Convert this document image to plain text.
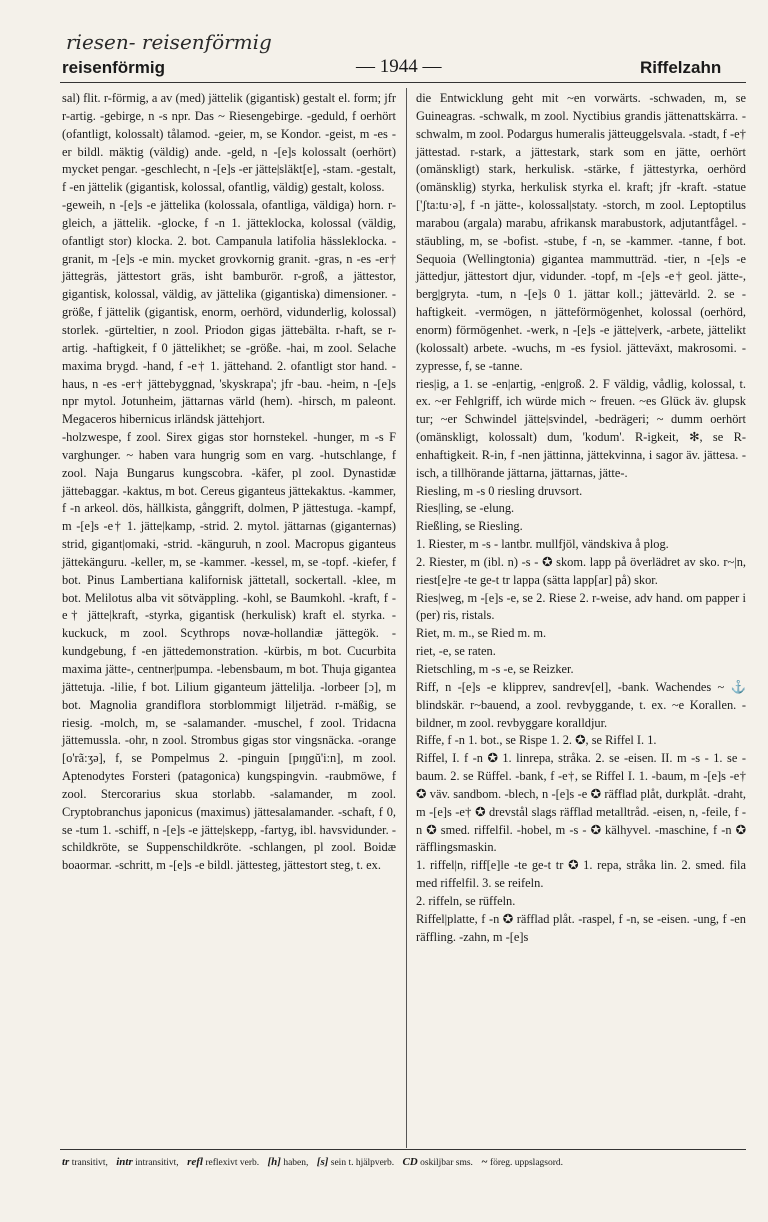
riesen- reisenförmig
reisenförmig	— 1944 —	Riffelzahn

sal) flit. r-förmig, a av (med) jättelik (gigantisk) gestalt el. form; jfr r-artig. -gebirge, n -s npr. Das ~ Riesengebirge. -geduld, f oerhört (ofantligt, kolossalt) tålamod. -geier, m, se Kondor. -geist, m -es -er bildl. mäktig (väldig) ande. -geld, n -[e]s kolossalt (oerhört) mycket pengar. -geschlecht, n -[e]s -er jätte|släkt[e], -stam. -gestalt, f -en jättelik (gigantisk, kolossal, ofantlig, väldig) gestalt, koloss.

-geweih, n -[e]s -e jättelika (kolossala, ofantliga, väldiga) horn. r-gleich, a jättelik. -glocke, f -n 1. jätteklocka, kolossal (väldig, ofantligt stor) klocka. 2. bot. Campanula latifolia hässleklocka. -granit, m -[e]s -e min. mycket grovkornig granit. -gras, n -es -er† jättegräs, jättestort gräs, isht bamburör. r-groß, a jättestor, gigantisk, kolossal, väldig, av jättelika (gigantiska) dimensioner. -größe, f jättelik (gigantisk, enorm, oerhörd, vidunderlig, kolossal) storlek. -gürteltier, n zool. Priodon gigas jättebälta. r-haft, se r-artig. -haftigkeit, f 0 jättelikhet; se -größe. -hai, m zool. Selache maxima brygd. -hand, f -e† 1. jättehand. 2. ofantligt stor hand. -haus, n -es -er† jättebyggnad, 'skyskrapa'; jfr -bau. -heim, n -[e]s npr mytol. Jotunheim, jättarnas värld (hem). -hirsch, m paleont. Megaceros hibernicus irländsk jättehjort.

-holzwespe, f zool. Sirex gigas stor hornstekel. -hunger, m -s F varghunger. ~ haben vara hungrig som en varg. -hutschlange, f zool. Naja Bungarus kungscobra. -käfer, pl zool. Dynastidæ jättebaggar. -kaktus, m bot. Cereus giganteus jättekaktus. -kammer, f -n arkeol. dös, hällkista, gånggrift, dolmen, P jättestuga. -kampf, m -[e]s -e† 1. jätte|kamp, -strid. 2. mytol. jättarnas (giganternas) strid, gigant|omaki, -strid. -känguruh, n zool. Macropus giganteus jättekänguru. -keller, m, se -kammer. -kessel, m, se -topf. -kiefer, f bot. Pinus Lambertiana kalifornisk jättetall, sockertall. -klee, m bot. Melilotus alba vit sötväppling. -kohl, se Baumkohl. -kraft, f -e† jätte|kraft, -styrka, gigantisk (herkulisk) kraft el. styrka. -kuckuck, m zool. Scythrops novæ-hollandiæ jättegök. -kundgebung, f -en jättedemonstration. -kürbis, m bot. Cucurbita maxima jätte-, centner|pumpa. -lebensbaum, m bot. Thuja gigantea jättetuja. -lilie, f bot. Lilium giganteum jättelilja. -lorbeer [ɔ], m bot. Magnolia grandiflora storblommigt liljeträd. r-mäßig, se riesig. -molch, m, se -salamander. -muschel, f zool. Tridacna jättemussla. -ohr, n zool. Strombus gigas stor vingsnäcka. -orange [o'rã:ʒə], f, se Pompelmus 2. -pinguin [pɪŋgŭ'i:n], m zool. Aptenodytes Forsteri (patagonica) kungspingvin. -raubmöwe, f zool. Stercorarius skua storlabb. -salamander, m zool. Cryptobranchus japonicus (maximus) jättesalamander. -schaft, f 0, se -tum 1. -schiff, n -[e]s -e jätte|skepp, -fartyg, ibl. havsvidunder. -schildkröte, se Suppenschildkröte. -schlangen, pl zool. Boidæ boaormar. -schritt, m -[e]s -e bildl. jättesteg, jättestort steg, t. ex.

die Entwicklung geht mit ~en vorwärts. -schwaden, m, se Guineagras. -schwalk, m zool. Nyctibius grandis jättenattskärra. -schwalm, m zool. Podargus humeralis jätteuggelsvala. -stadt, f -e† jättestad. r-stark, a jättestark, stark som en jätte, oerhört (omänskligt) stark, herkulisk. -stärke, f jättestyrka, oerhörd (omänsklig) styrka, herkulisk styrka el. kraft; jfr -kraft. -statue ['ʃta:tu·ə], f -n jätte-, kolossal|staty. -storch, m zool. Leptoptilus marabou (argala) marabu, afrikansk marabustork, adjutantfågel. -stäubling, m, se -bofist. -stube, f -n, se -kammer. -tanne, f bot. Sequoia (Wellingtonia) gigantea mammutträd. -tier, n -[e]s -e jättedjur, jättestort djur, vidunder. -topf, m -[e]s -e† geol. jätte-, berg|gryta. -tum, n -[e]s 0 1. jättar koll.; jättevärld. 2. se -haftigkeit. -vermögen, n jätteförmögenhet, kolossal (oerhörd, enorm) förmögenhet. -werk, n -[e]s -e jätte|verk, -arbete, jättelikt (kolossalt) arbete. -wuchs, m -es fysiol. jätteväxt, makrosomi. -zypresse, f, se -tanne.

ries|ig, a 1. se -en|artig, -en|groß. 2. F väldig, vådlig, kolossal, t. ex. ~er Fehlgriff, ich würde mich ~ freuen. ~es Glück äv. glupsk tur; ~er Schwindel jätte|svindel, -bedrägeri; ~ dumm oerhört (omänskligt, kolossalt) dum, 'kodum'. R-igkeit, ✻, se R-enhaftigkeit. R-in, f -nen jättinna, jättekvinna, i sagor äv. jättesa. -isch, a tillhörande jättarna, jättarnas, jätte-.

Riesling, m -s 0 riesling druvsort.

Ries|ling, se -elung.

Rießling, se Riesling.

1. Riester, m -s - lantbr. mullfjöl, vändskiva å plog.

2. Riester, m (ibl. n) -s - ✪ skom. lapp på överlädret av sko. r~|n, riest[e]re -te ge-t tr lappa (sätta lapp[ar] på) skor.

Ries|weg, m -[e]s -e, se 2. Riese 2. r-weise, adv hand. om papper i (per) ris, ristals.

Riet, m. m., se Ried m. m.

riet, -e, se raten.

Rietschling, m -s -e, se Reizker.

Riff, n -[e]s -e klipprev, sandrev[el], -bank. Wachendes ~ ⚓ blindskär. r~bauend, a zool. revbyggande, t. ex. ~e Korallen. -bildner, m zool. revbyggare koralldjur.

Riffe, f -n 1. bot., se Rispe 1. 2. ✪, se Riffel I. 1.

Riffel, I. f -n ✪ 1. linrepa, stråka. 2. se -eisen. II. m -s - 1. se -baum. 2. se Rüffel. -bank, f -e†, se Riffel I. 1. -baum, m -[e]s -e† ✪ väv. sandbom. -blech, n -[e]s -e ✪ räfflad plåt, durkplåt. -draht, m -[e]s -e† ✪ drevstål slags räfflad metalltråd. -eisen, n, -feile, f -n ✪ smed. riffelfil. -hobel, m -s - ✪ kälhyvel. -maschine, f -n ✪ räfflingsmaskin.

1. riffel|n, riff[e]le -te ge-t tr ✪ 1. repa, stråka lin. 2. smed. fila med riffelfil. 3. se reifeln.

2. riffeln, se rüffeln.

Riffel|platte, f -n ✪ räfflad plåt. -raspel, f -n, se -eisen. -ung, f -en räffling. -zahn, m -[e]s

tr transitivt, intr intransitivt, refl reflexivt verb. [h] haben, [s] sein t. hjälpverb. CD oskiljbar sms. ~ föreg. uppslagsord.
